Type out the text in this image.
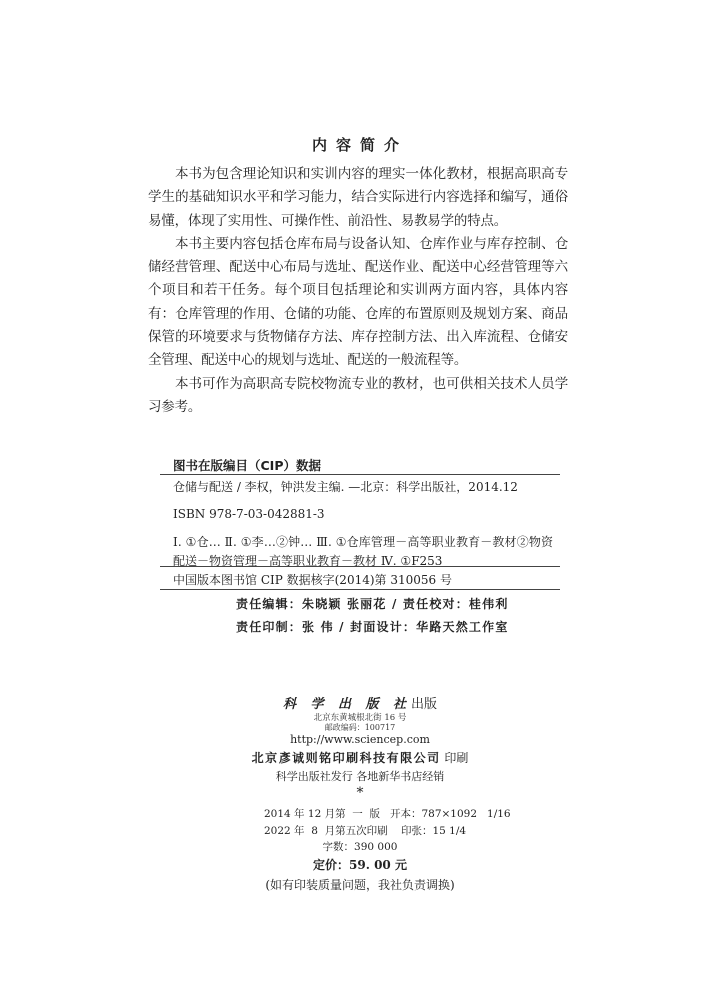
内容简介

本书为包含理论知识和实训内容的理实一体化教材，根据高职高专学生的基础知识水平和学习能力，结合实际进行内容选择和编写，通俗易懂，体现了实用性、可操作性、前沿性、易教易学的特点。

本书主要内容包括仓库布局与设备认知、仓库作业与库存控制、仓储经营管理、配送中心布局与选址、配送作业、配送中心经营管理等六个项目和若干任务。每个项目包括理论和实训两方面内容，具体内容有：仓库管理的作用、仓储的功能、仓库的布置原则及规划方案、商品保管的环境要求与货物储存方法、库存控制方法、出入库流程、仓储安全管理、配送中心的规划与选址、配送的一般流程等。

本书可作为高职高专院校物流专业的教材，也可供相关技术人员学习参考。

图书在版编目（CIP）数据

仓储与配送 / 李权，钟洪发主编. —北京：科学出版社，2014.12

ISBN 978-7-03-042881-3

Ⅰ. ①仓… Ⅱ. ①李…②钟… Ⅲ. ①仓库管理－高等职业教育－教材②物资配送－物资管理－高等职业教育－教材 Ⅳ. ①F253

中国版本图书馆 CIP 数据核字(2014)第 310056 号
责任编辑：朱晓颖 张丽花 / 责任校对：桂伟利
责任印制：张 伟 / 封面设计：华路天然工作室
科 学 出 版 社出版
北京东黄城根北街 16 号
邮政编码：100717
http://www.sciencep.com
北京彥诚则铭印刷科技有限公司 印刷
科学出版社发行 各地新华书店经销
*
2014 年 12 月第  一  版   开本：787×1092   1/16
2022 年  8  月第五次印刷    印张：15 1/4
字数：390 000
定价：59. 00 元
(如有印装质量问题，我社负责调换)
